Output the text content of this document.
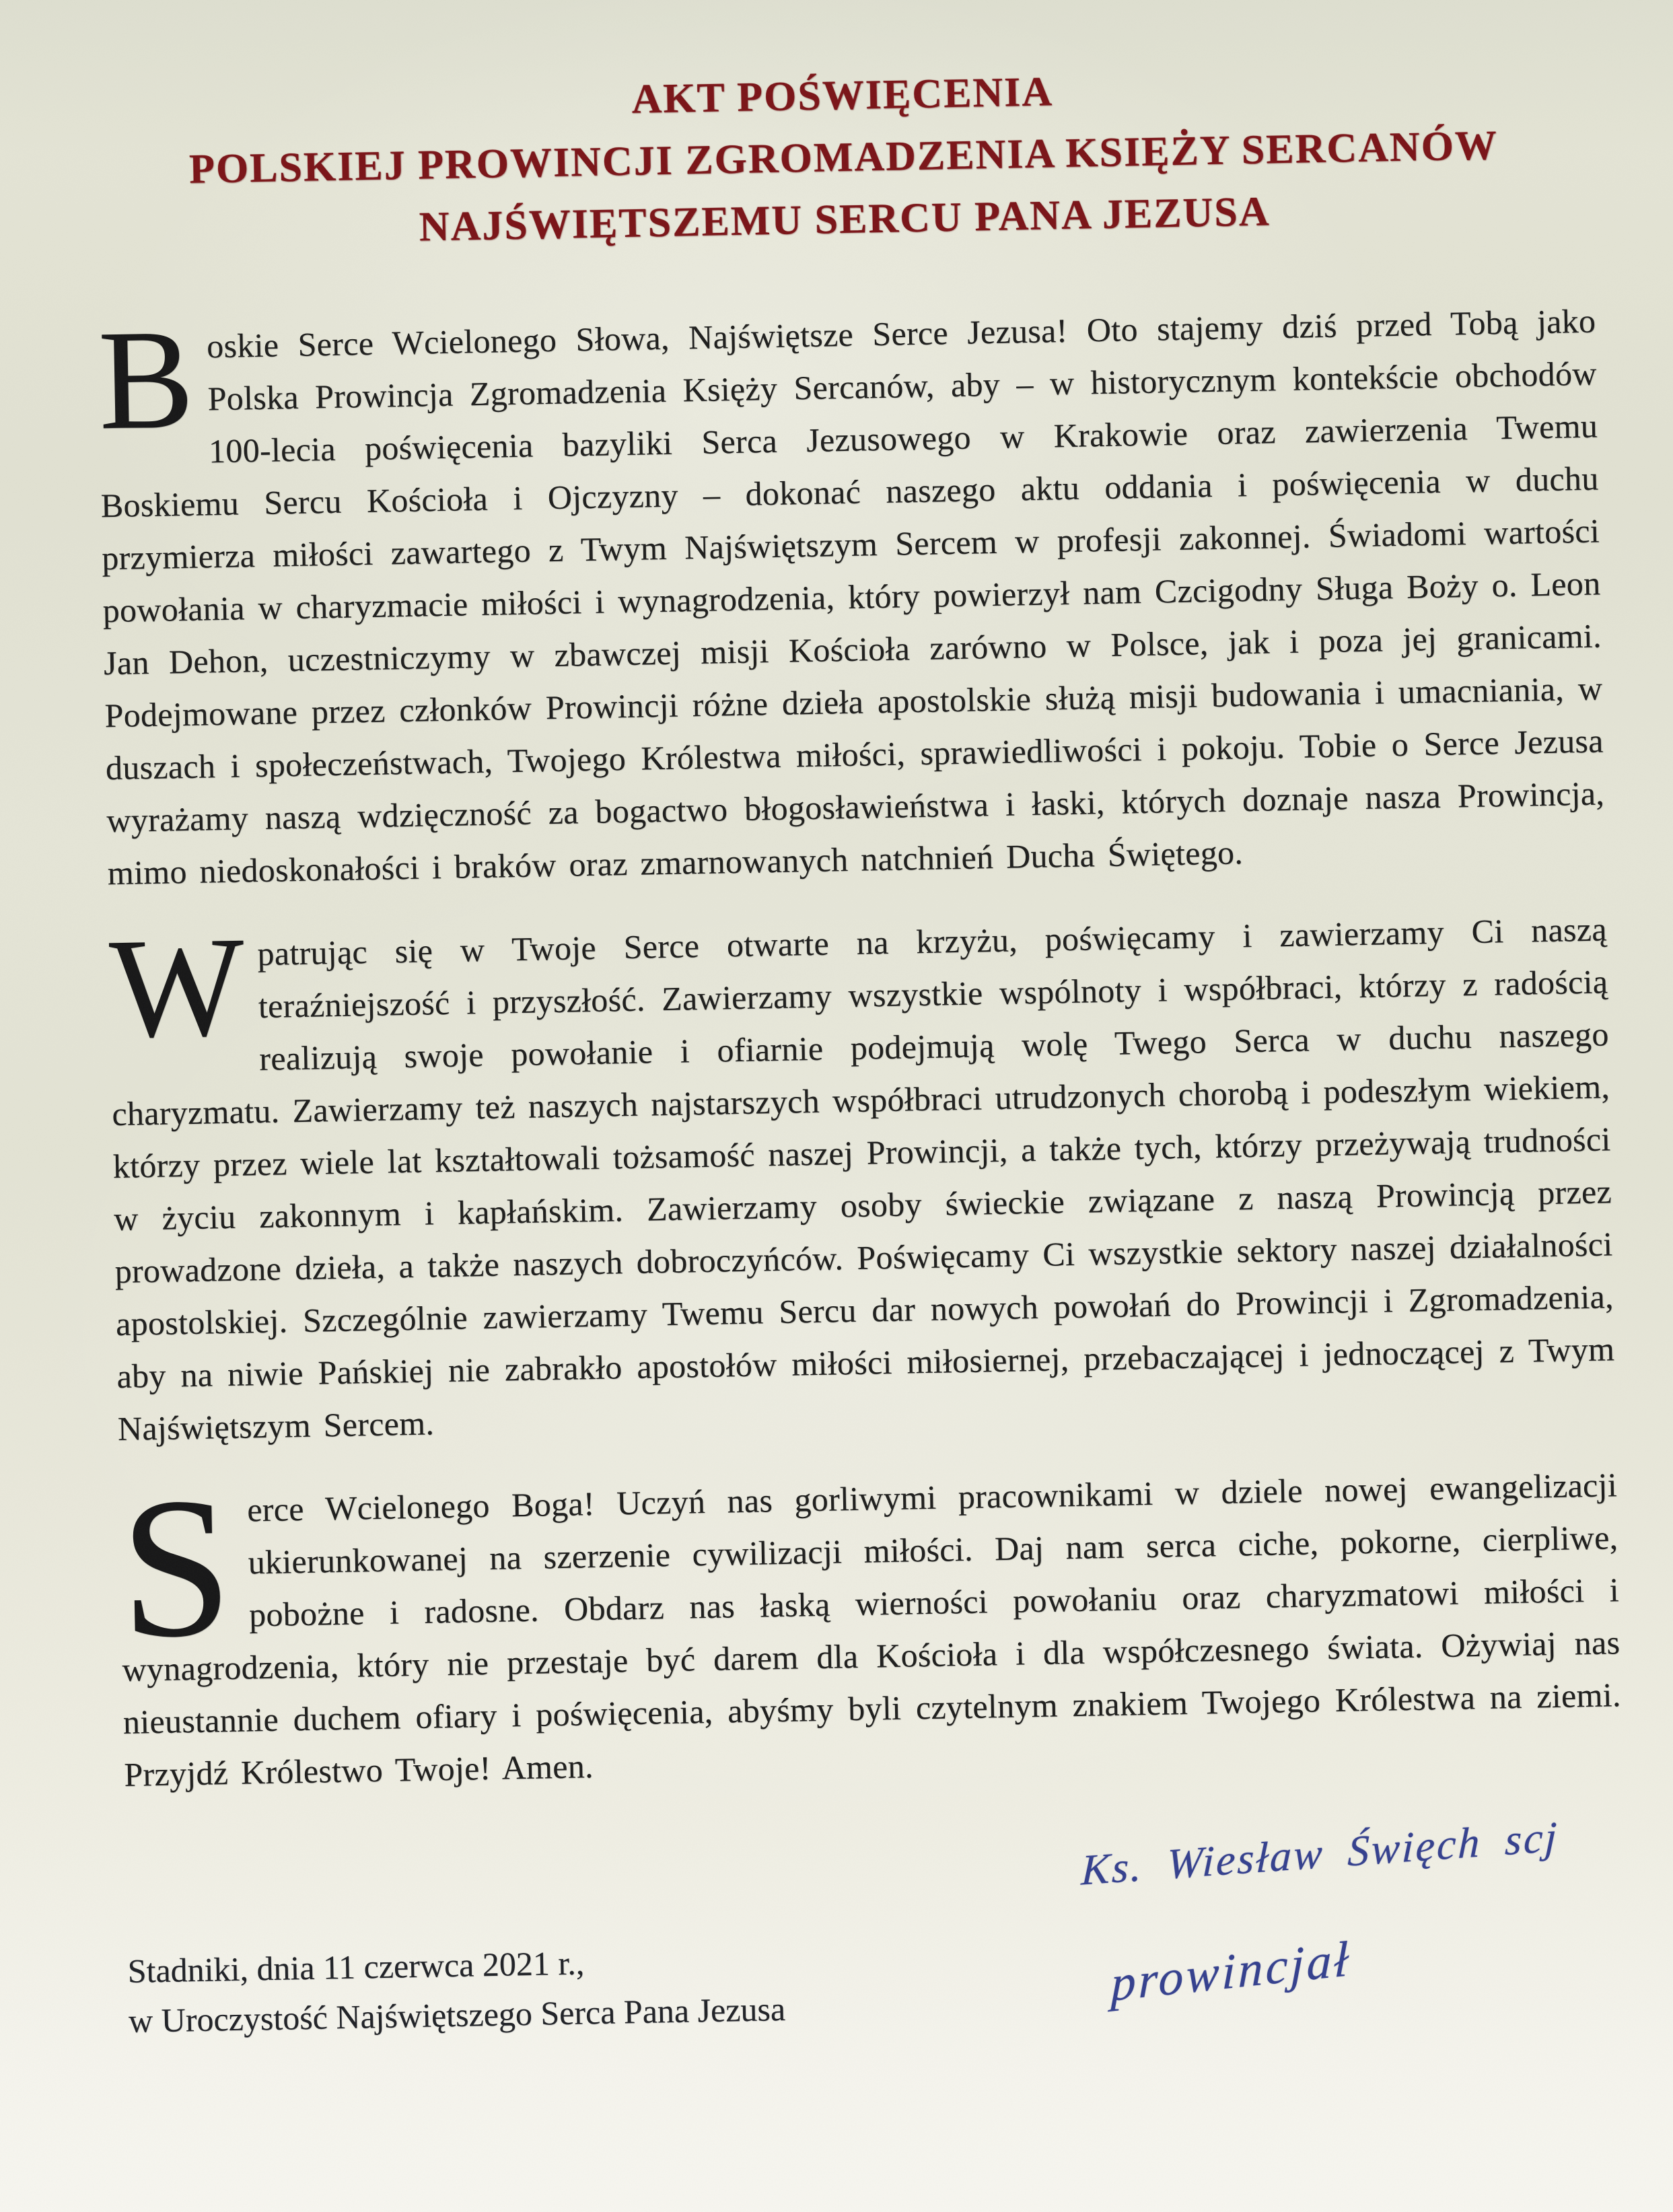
AKT POŚWIĘCENIA
POLSKIEJ PROWINCJI ZGROMADZENIA KSIĘŻY SERCANÓW
NAJŚWIĘTSZEMU SERCU PANA JEZUSA

Boskie Serce Wcielonego Słowa, Najświętsze Serce Jezusa! Oto stajemy dziś przed Tobą jako Polska Prowincja Zgromadzenia Księży Sercanów, aby – w historycznym kontekście obchodów 100-lecia poświęcenia bazyliki Serca Jezusowego w Krakowie oraz zawierzenia Twemu Boskiemu Sercu Kościoła i Ojczyzny – dokonać naszego aktu oddania i poświęcenia w duchu przymierza miłości zawartego z Twym Najświętszym Sercem w profesji zakonnej. Świadomi wartości powołania w charyzmacie miłości i wynagrodzenia, który powierzył nam Czcigodny Sługa Boży o. Leon Jan Dehon, uczestniczymy w zbawczej misji Kościoła zarówno w Polsce, jak i poza jej granicami. Podejmowane przez członków Prowincji różne dzieła apostolskie służą misji budowania i umacniania, w duszach i społeczeństwach, Twojego Królestwa miłości, sprawiedliwości i pokoju. Tobie o Serce Jezusa wyrażamy naszą wdzięczność za bogactwo błogosławieństwa i łaski, których doznaje nasza Prowincja, mimo niedoskonałości i braków oraz zmarnowanych natchnień Ducha Świętego.

Wpatrując się w Twoje Serce otwarte na krzyżu, poświęcamy i zawierzamy Ci naszą teraźniejszość i przyszłość. Zawierzamy wszystkie wspólnoty i współbraci, którzy z radością realizują swoje powołanie i ofiarnie podejmują wolę Twego Serca w duchu naszego charyzmatu. Zawierzamy też naszych najstarszych współbraci utrudzonych chorobą i podeszłym wiekiem, którzy przez wiele lat kształtowali tożsamość naszej Prowincji, a także tych, którzy przeżywają trudności w życiu zakonnym i kapłańskim. Zawierzamy osoby świeckie związane z naszą Prowincją przez prowadzone dzieła, a także naszych dobroczyńców. Poświęcamy Ci wszystkie sektory naszej działalności apostolskiej. Szczególnie zawierzamy Twemu Sercu dar nowych powołań do Prowincji i Zgromadzenia, aby na niwie Pańskiej nie zabrakło apostołów miłości miłosiernej, przebaczającej i jednoczącej z Twym Najświętszym Sercem.

Serce Wcielonego Boga! Uczyń nas gorliwymi pracownikami w dziele nowej ewangelizacji ukierunkowanej na szerzenie cywilizacji miłości. Daj nam serca ciche, pokorne, cierpliwe, pobożne i radosne. Obdarz nas łaską wierności powołaniu oraz charyzmatowi miłości i wynagrodzenia, który nie przestaje być darem dla Kościoła i dla współczesnego świata. Ożywiaj nas nieustannie duchem ofiary i poświęcenia, abyśmy byli czytelnym znakiem Twojego Królestwa na ziemi. Przyjdź Królestwo Twoje! Amen.

Ks. Wiesław Święch scj
prowincjał
Stadniki, dnia 11 czerwca 2021 r.,
w Uroczystość Najświętszego Serca Pana Jezusa
